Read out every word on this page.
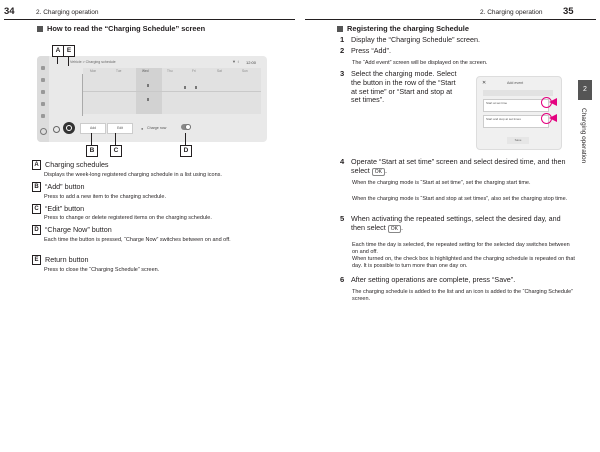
34	2. Charging operation	2. Charging operation 35
How to read the “Charging Schedule” screen
Vehicle > Charging schedule	▼ ↕ 12:00
Mon	Tue	Wed	Thu	Fri	Sat	Sun
Add	Edit	● Charge now
A E
B	C	D
A Charging schedules
Displays the week-long registered charging schedule in a list using icons.
B “Add” button
Press to add a new item to the charging schedule.
C “Edit” button
Press to change or delete registered items on the charging schedule.
D “Charge Now” button
Each time the button is pressed, “Charge Now” switches between on and off.
E Return button
Press to close the “Charging Schedule” screen.
Registering the charging Schedule
1 Display the “Charging Schedule” screen.
2 Press “Add”.
The “Add event” screen will be displayed on the screen.
3 Select the charging mode. Select the button in the row of the “Start at set time” or “Start and stop at set times”.
✕	Add event
Start at set time
Start and stop at set times
Save
4 Operate “Start at set time” screen and select desired time, and then select OK .
When the charging mode is “Start at set time”, set the charging start time.
When the charging mode is “Start and stop at set times”, also set the charging stop time.
5 When activating the repeated settings, select the desired day, and then select OK .
Each time the day is selected, the repeated setting for the selected day switches between on and off.
When turned on, the check box is highlighted and the charging schedule is repeated on that day. It is possible to turn more than one day on.
6 After setting operations are complete, press “Save”.
The charging schedule is added to the list and an icon is added to the “Charging Schedule” screen.
2
Charging operation
